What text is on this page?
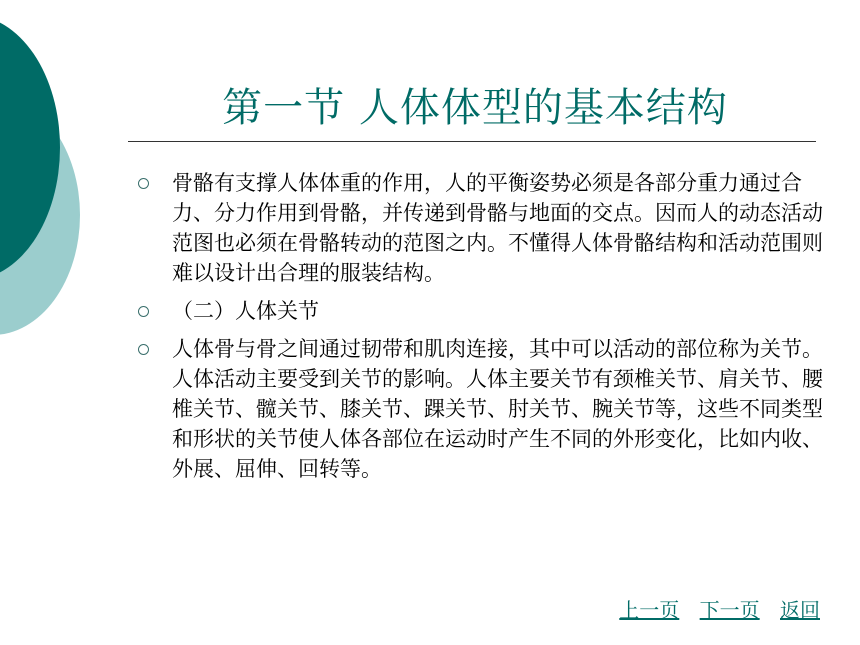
第一节 人体体型的基本结构
骨骼有支撑人体体重的作用，人的平衡姿势必须是各部分重力通过合力、分力作用到骨骼，并传递到骨骼与地面的交点。因而人的动态活动范图也必须在骨骼转动的范图之内。不懂得人体骨骼结构和活动范围则难以设计出合理的服装结构。
（二）人体关节
人体骨与骨之间通过韧带和肌肉连接，其中可以活动的部位称为关节。人体活动主要受到关节的影响。人体主要关节有颈椎关节、肩关节、腰椎关节、髋关节、膝关节、踝关节、肘关节、腕关节等，这些不同类型和形状的关节使人体各部位在运动时产生不同的外形变化，比如内收、外展、屈伸、回转等。
上一页 下一页 返回
